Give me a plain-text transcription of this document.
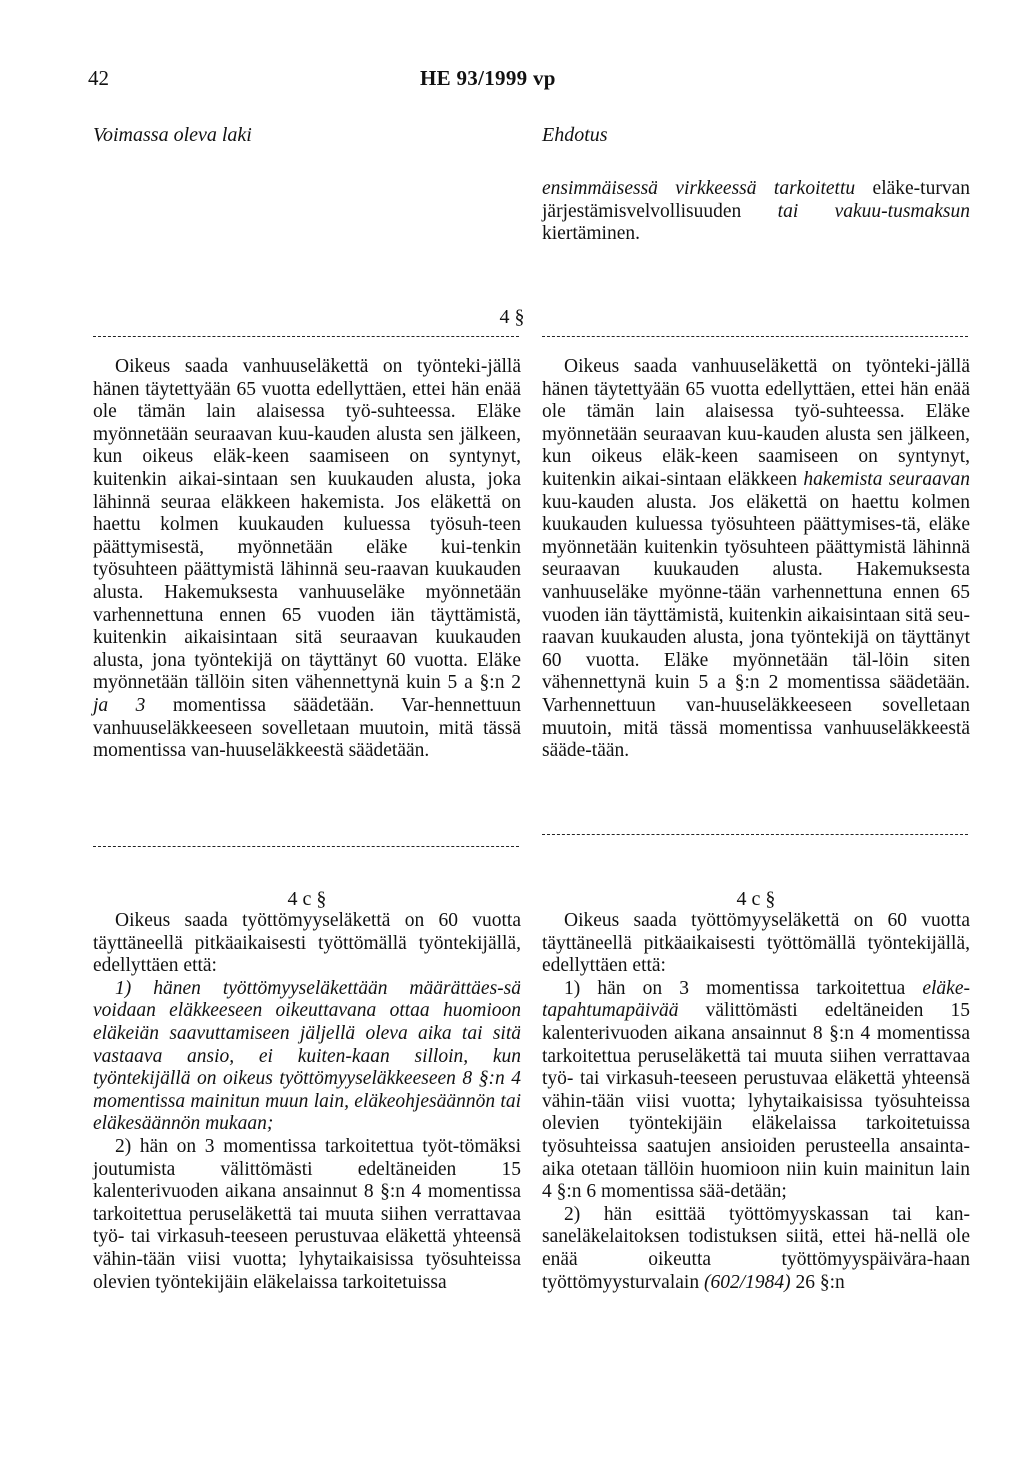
42	HE 93/1999 vp
Voimassa oleva laki	Ehdotus

ensimmäisessä virkkeessä tarkoitettu eläke-turvan järjestämisvelvollisuuden tai vakuu-tusmaksun kiertäminen.

4 §

Oikeus saada vanhuuseläkettä on työnteki-jällä hänen täytettyään 65 vuotta edellyttäen, ettei hän enää ole tämän lain alaisessa työ-suhteessa. Eläke myönnetään seuraavan kuu-kauden alusta sen jälkeen, kun oikeus eläk-keen saamiseen on syntynyt, kuitenkin aikai-sintaan sen kuukauden alusta, joka lähinnä seuraa eläkkeen hakemista. Jos eläkettä on haettu kolmen kuukauden kuluessa työsuh-teen päättymisestä, myönnetään eläke kui-tenkin työsuhteen päättymistä lähinnä seu-raavan kuukauden alusta. Hakemuksesta vanhuuseläke myönnetään varhennettuna ennen 65 vuoden iän täyttämistä, kuitenkin aikaisintaan sitä seuraavan kuukauden alusta, jona työntekijä on täyttänyt 60 vuotta. Eläke myönnetään tällöin siten vähennettynä kuin 5 a §:n 2 ja 3 momentissa säädetään. Var-hennettuun vanhuuseläkkeeseen sovelletaan muutoin, mitä tässä momentissa van-huuseläkkeestä säädetään.

Oikeus saada vanhuuseläkettä on työnteki-jällä hänen täytettyään 65 vuotta edellyttäen, ettei hän enää ole tämän lain alaisessa työ-suhteessa. Eläke myönnetään seuraavan kuu-kauden alusta sen jälkeen, kun oikeus eläk-keen saamiseen on syntynyt, kuitenkin aikai-sintaan eläkkeen hakemista seuraavan kuu-kauden alusta. Jos eläkettä on haettu kolmen kuukauden kuluessa työsuhteen päättymises-tä, eläke myönnetään kuitenkin työsuhteen päättymistä lähinnä seuraavan kuukauden alusta. Hakemuksesta vanhuuseläke myönne-tään varhennettuna ennen 65 vuoden iän täyttämistä, kuitenkin aikaisintaan sitä seu-raavan kuukauden alusta, jona työntekijä on täyttänyt 60 vuotta. Eläke myönnetään täl-löin siten vähennettynä kuin 5 a §:n 2 momentissa säädetään. Varhennettuun van-huuseläkkeeseen sovelletaan muutoin, mitä tässä momentissa vanhuuseläkkeestä sääde-tään.

4 c §	4 c §

Oikeus saada työttömyyseläkettä on 60 vuotta täyttäneellä pitkäaikaisesti työttömällä työntekijällä, edellyttäen että:

1) hänen työttömyyseläkettään määrättäes-sä voidaan eläkkeeseen oikeuttavana ottaa huomioon eläkeiän saavuttamiseen jäljellä oleva aika tai sitä vastaava ansio, ei kuiten-kaan silloin, kun työntekijällä on oikeus työttömyyseläkkeeseen 8 §:n 4 momentissa mainitun muun lain, eläkeohjesäännön tai eläkesäännön mukaan;

2) hän on 3 momentissa tarkoitettua työt-tömäksi joutumista välittömästi edeltäneiden 15 kalenterivuoden aikana ansainnut 8 §:n 4 momentissa tarkoitettua peruseläkettä tai muuta siihen verrattavaa työ- tai virkasuh-teeseen perustuvaa eläkettä yhteensä vähin-tään viisi vuotta; lyhytaikaisissa työsuhteissa olevien työntekijäin eläkelaissa tarkoitetuissa

Oikeus saada työttömyyseläkettä on 60 vuotta täyttäneellä pitkäaikaisesti työttömällä työntekijällä, edellyttäen että:

1) hän on 3 momentissa tarkoitettua eläke-tapahtumapäivää välittömästi edeltäneiden 15 kalenterivuoden aikana ansainnut 8 §:n 4 momentissa tarkoitettua peruseläkettä tai muuta siihen verrattavaa työ- tai virkasuh-teeseen perustuvaa eläkettä yhteensä vähin-tään viisi vuotta; lyhytaikaisissa työsuhteissa olevien työntekijäin eläkelaissa tarkoitetuissa työsuhteissa saatujen ansioiden perusteella ansainta-aika otetaan tällöin huomioon niin kuin mainitun lain 4 §:n 6 momentissa sää-detään;

2) hän esittää työttömyyskassan tai kan-saneläkelaitoksen todistuksen siitä, ettei hä-nellä ole enää oikeutta työttömyyspäivära-haan työttömyysturvalain (602/1984) 26 §:n
